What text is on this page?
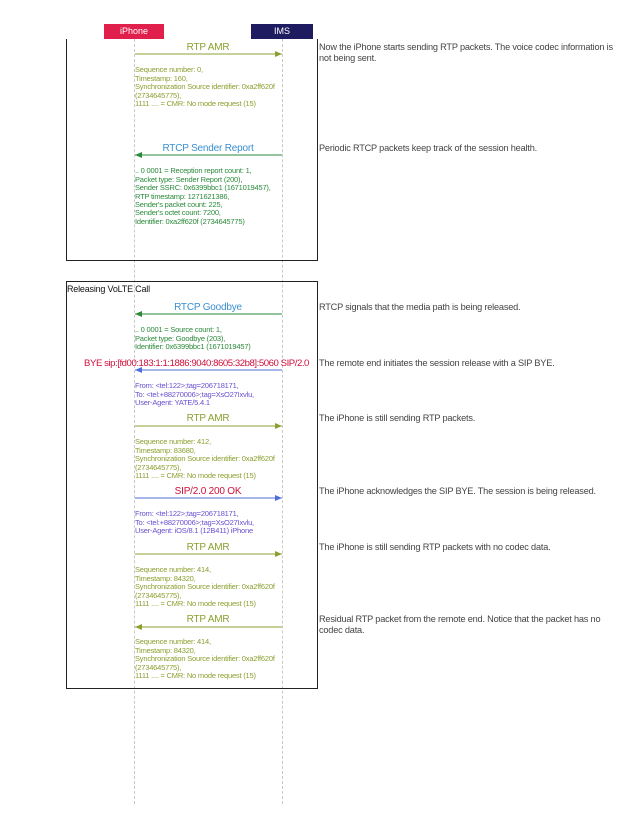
iPhone	IMS
Releasing VoLTE Call
RTP AMR

Sequence number: 0,
Timestamp: 160,
Synchronization Source identifier: 0xa2ff620f
(2734645775),
1111 .... = CMR: No mode request (15)
Now the iPhone starts sending RTP packets. The voice codec information is not being sent.
RTCP Sender Report

.. 0 0001 = Reception report count: 1,
Packet type: Sender Report (200),
Sender SSRC: 0x6399bbc1 (1671019457),
RTP timestamp: 1271621386,
Sender's packet count: 225,
Sender's octet count: 7200,
Identifier: 0xa2ff620f (2734645775)
Periodic RTCP packets keep track of the session health.
RTCP Goodbye

.. 0 0001 = Source count: 1,
Packet type: Goodbye (203),
Identifier: 0x6399bbc1 (1671019457)
RTCP signals that the media path is being released.
BYE sip:[fd00:183:1:1:1886:9040:8605:32b8]:5060 SIP/2.0

From: <tel:122>;tag=206718171,
To: <tel:+88270006>;tag=XsO27Ixvlu,
User-Agent: YATE/5.4.1
The remote end initiates the session release with a SIP BYE.
RTP AMR

Sequence number: 412,
Timestamp: 83680,
Synchronization Source identifier: 0xa2ff620f
(2734645775),
1111 .... = CMR: No mode request (15)
The iPhone is still sending RTP packets.
SIP/2.0 200 OK

From: <tel:122>;tag=206718171,
To: <tel:+88270006>;tag=XsO27Ixvlu,
User-Agent: iOS/8.1 (12B411) iPhone
The iPhone acknowledges the SIP BYE. The session is being released.
RTP AMR

Sequence number: 414,
Timestamp: 84320,
Synchronization Source identifier: 0xa2ff620f
(2734645775),
1111 .... = CMR: No mode request (15)
The iPhone is still sending RTP packets with no codec data.
RTP AMR

Sequence number: 414,
Timestamp: 84320,
Synchronization Source identifier: 0xa2ff620f
(2734645775),
1111 .... = CMR: No mode request (15)
Residual RTP packet from the remote end. Notice that the packet has no codec data.
